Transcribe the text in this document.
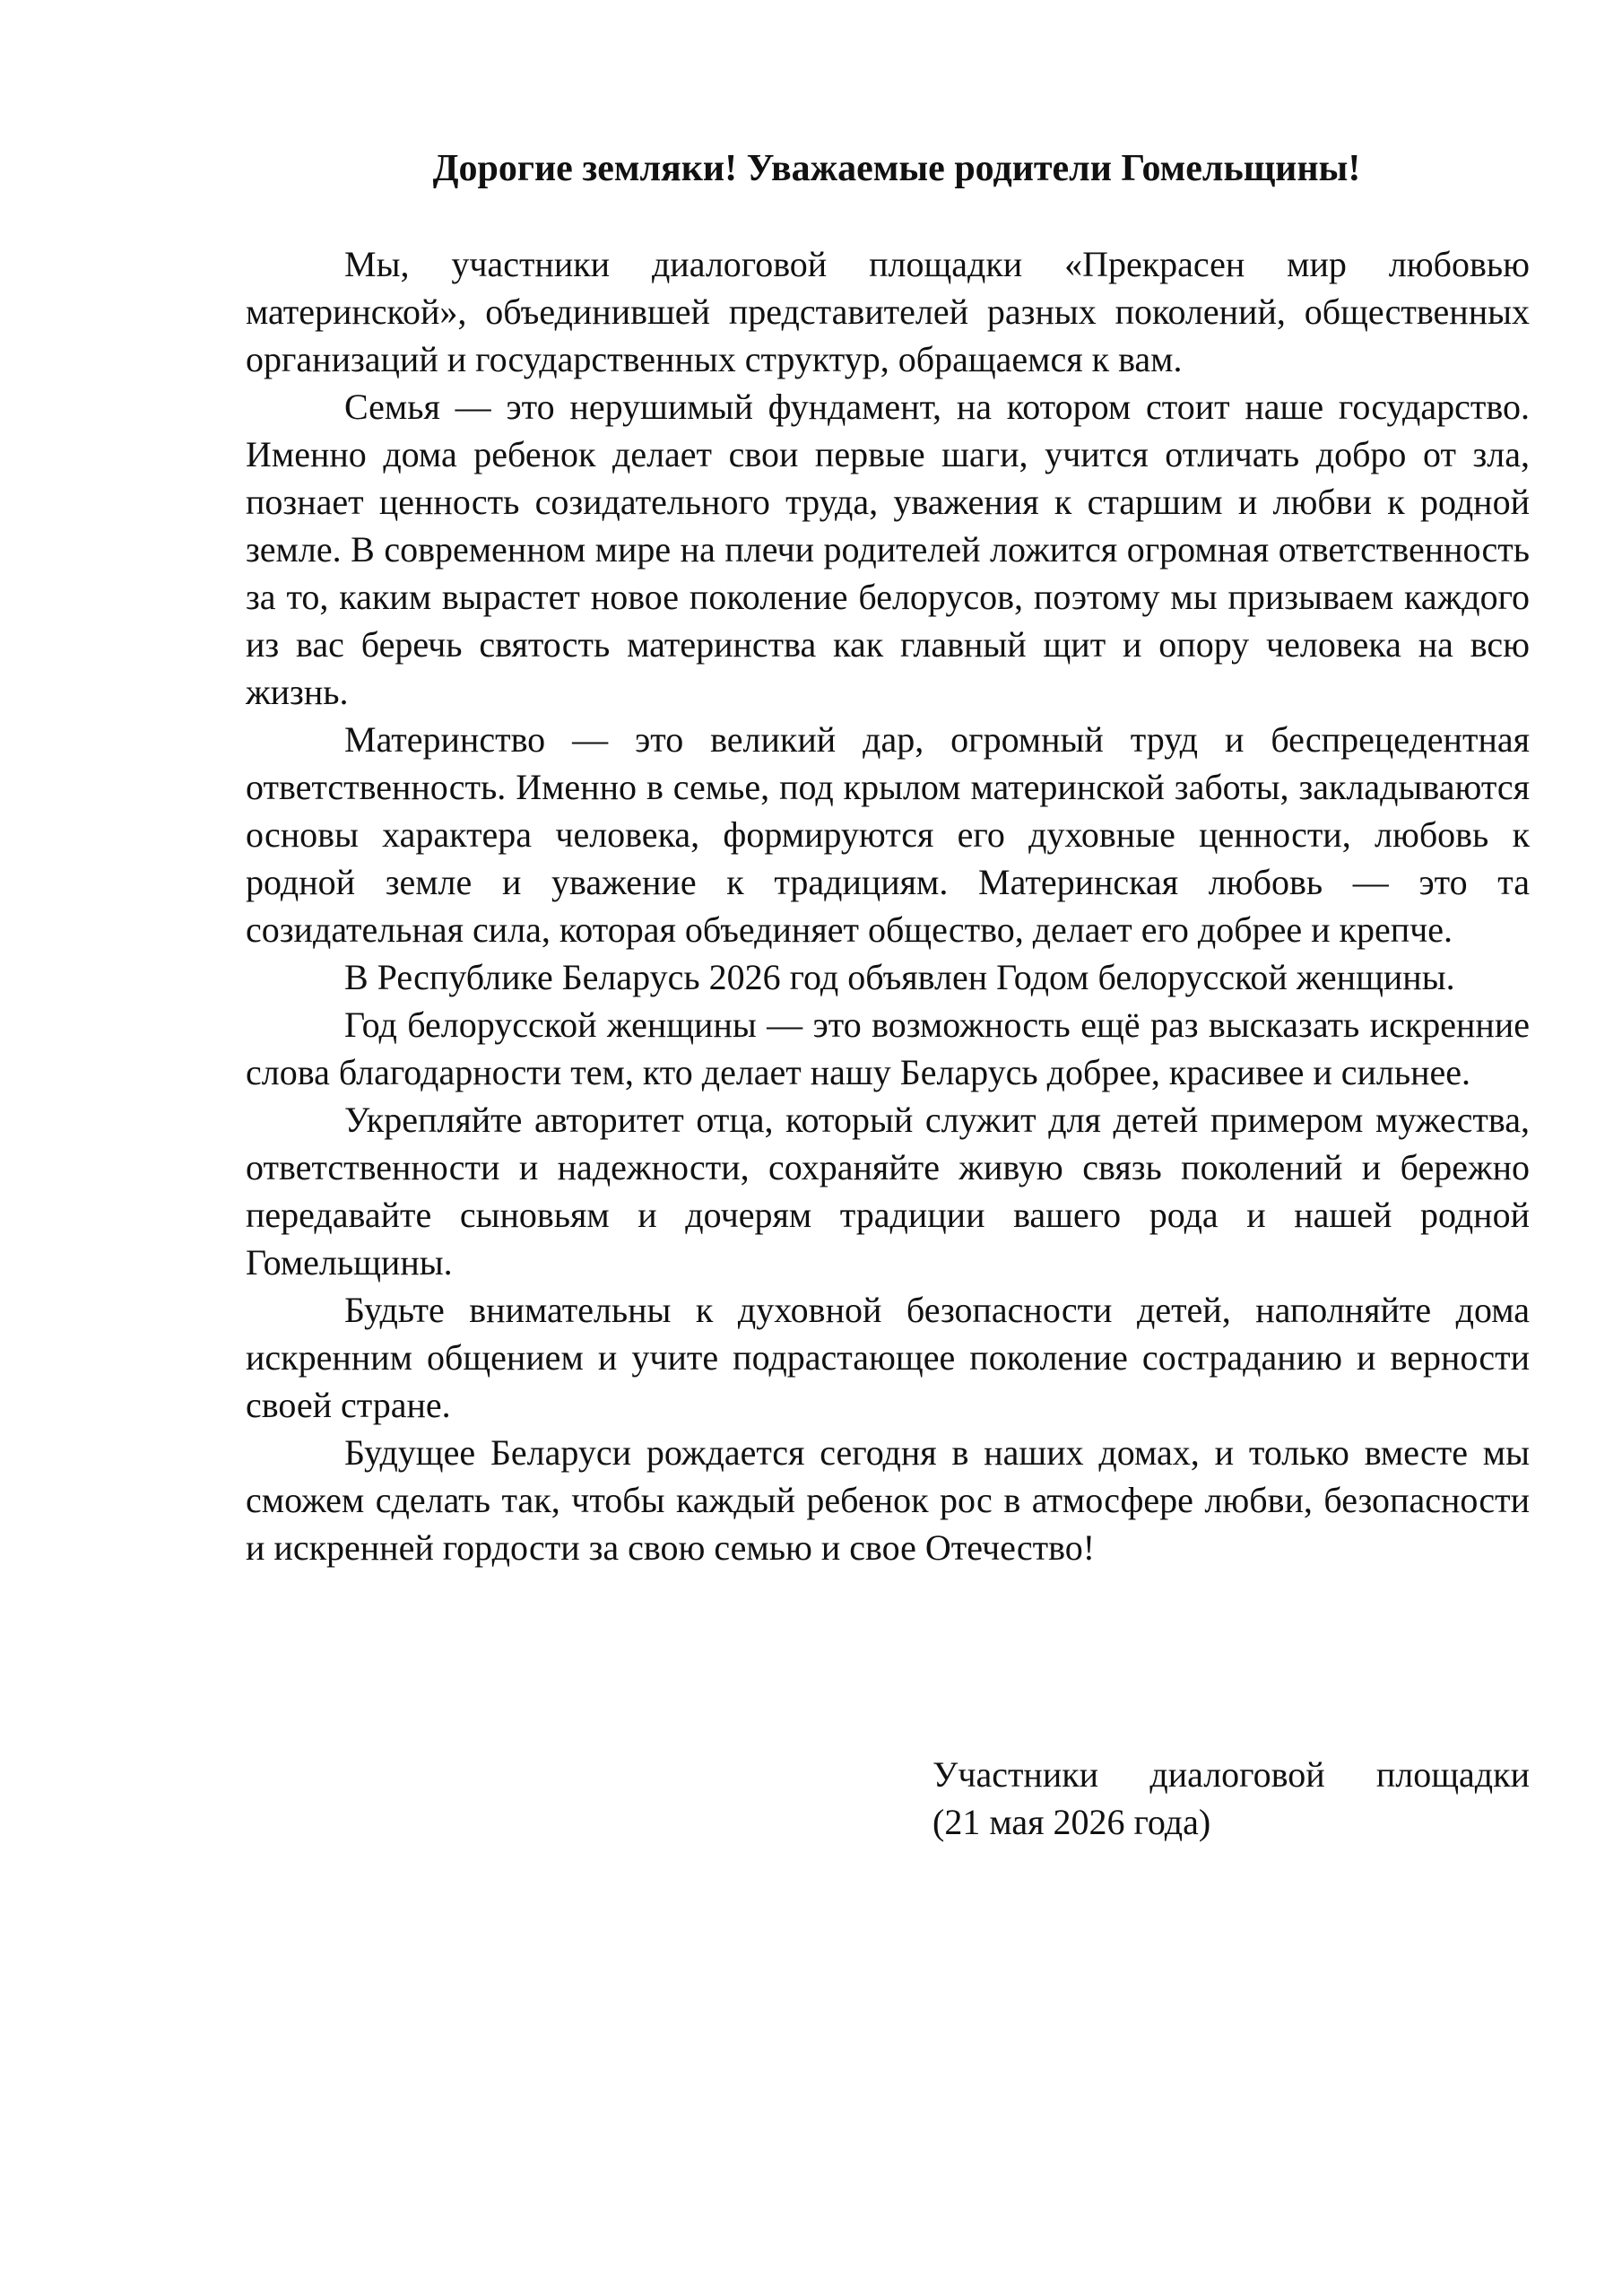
Дорогие земляки! Уважаемые родители Гомельщины!

Мы, участники диалоговой площадки «Прекрасен мир любовью материнской», объединившей представителей разных поколений, общественных организаций и государственных структур, обращаемся к вам.

Семья — это нерушимый фундамент, на котором стоит наше государство. Именно дома ребенок делает свои первые шаги, учится отличать добро от зла, познает ценность созидательного труда, уважения к старшим и любви к родной земле. В современном мире на плечи родителей ложится огромная ответственность за то, каким вырастет новое поколение белорусов, поэтому мы призываем каждого из вас беречь святость материнства как главный щит и опору человека на всю жизнь.

Материнство — это великий дар, огромный труд и беспрецедентная ответственность. Именно в семье, под крылом материнской заботы, закладываются основы характера человека, формируются его духовные ценности, любовь к родной земле и уважение к традициям. Материнская любовь — это та созидательная сила, которая объединяет общество, делает его добрее и крепче.

В Республике Беларусь 2026 год объявлен Годом белорусской женщины.

Год белорусской женщины — это возможность ещё раз высказать искренние слова благодарности тем, кто делает нашу Беларусь добрее, красивее и сильнее.

Укрепляйте авторитет отца, который служит для детей примером мужества, ответственности и надежности, сохраняйте живую связь поколений и бережно передавайте сыновьям и дочерям традиции вашего рода и нашей родной Гомельщины.

Будьте внимательны к духовной безопасности детей, наполняйте дома искренним общением и учите подрастающее поколение состраданию и верности своей стране.

Будущее Беларуси рождается сегодня в наших домах, и только вместе мы сможем сделать так, чтобы каждый ребенок рос в атмосфере любви, безопасности и искренней гордости за свою семью и свое Отечество!

Участники диалоговой площадки
(21 мая 2026 года)
